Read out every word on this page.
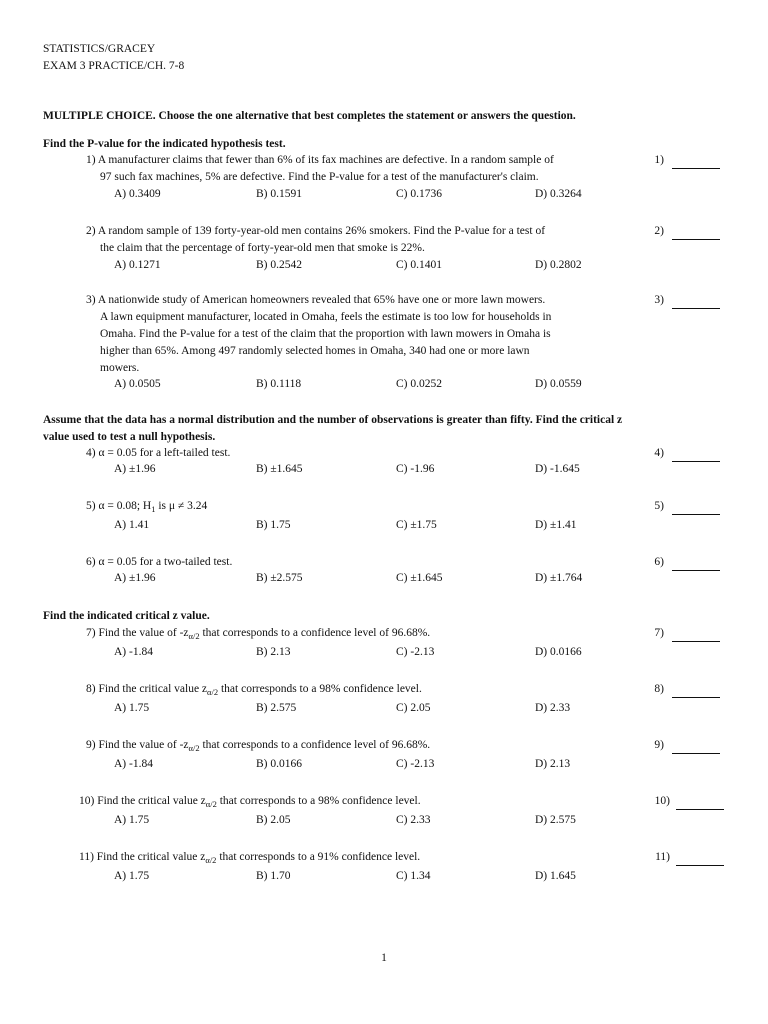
STATISTICS/GRACEY
EXAM 3 PRACTICE/CH. 7-8
MULTIPLE CHOICE. Choose the one alternative that best completes the statement or answers the question.
Find the P-value for the indicated hypothesis test.
1) A manufacturer claims that fewer than 6% of its fax machines are defective. In a random sample of
97 such fax machines, 5% are defective. Find the P-value for a test of the manufacturer's claim.
A) 0.3409	B) 0.1591	C) 0.1736	D) 0.3264
1)
2) A random sample of 139 forty-year-old men contains 26% smokers. Find the P-value for a test of
the claim that the percentage of forty-year-old men that smoke is 22%.
A) 0.1271	B) 0.2542	C) 0.1401	D) 0.2802
2)
3) A nationwide study of American homeowners revealed that 65% have one or more lawn mowers.
A lawn equipment manufacturer, located in Omaha, feels the estimate is too low for households in
Omaha. Find the P-value for a test of the claim that the proportion with lawn mowers in Omaha is
higher than 65%. Among 497 randomly selected homes in Omaha, 340 had one or more lawn
mowers.
A) 0.0505	B) 0.1118	C) 0.0252	D) 0.0559
3)
Assume that the data has a normal distribution and the number of observations is greater than fifty. Find the critical z
value used to test a null hypothesis.
4) α = 0.05 for a left-tailed test.
A) ±1.96	B) ±1.645	C) -1.96	D) -1.645
4)
5) α = 0.08; $H_1$ is μ ≠ 3.24
A) 1.41	B) 1.75	C) ±1.75	D) ±1.41
5)
6) α = 0.05 for a two-tailed test.
A) ±1.96	B) ±2.575	C) ±1.645	D) ±1.764
6)
Find the indicated critical z value.
7) Find the value of $-z_{\alpha/2}$ that corresponds to a confidence level of 96.68%.
A) -1.84	B) 2.13	C) -2.13	D) 0.0166
7)
8) Find the critical value $z_{\alpha/2}$ that corresponds to a 98% confidence level.
A) 1.75	B) 2.575	C) 2.05	D) 2.33
8)
9) Find the value of $-z_{\alpha/2}$ that corresponds to a confidence level of 96.68%.
A) -1.84	B) 0.0166	C) -2.13	D) 2.13
9)
10) Find the critical value $z_{\alpha/2}$ that corresponds to a 98% confidence level.
A) 1.75	B) 2.05	C) 2.33	D) 2.575
10)
11) Find the critical value $z_{\alpha/2}$ that corresponds to a 91% confidence level.
A) 1.75	B) 1.70	C) 1.34	D) 1.645
11)
1
